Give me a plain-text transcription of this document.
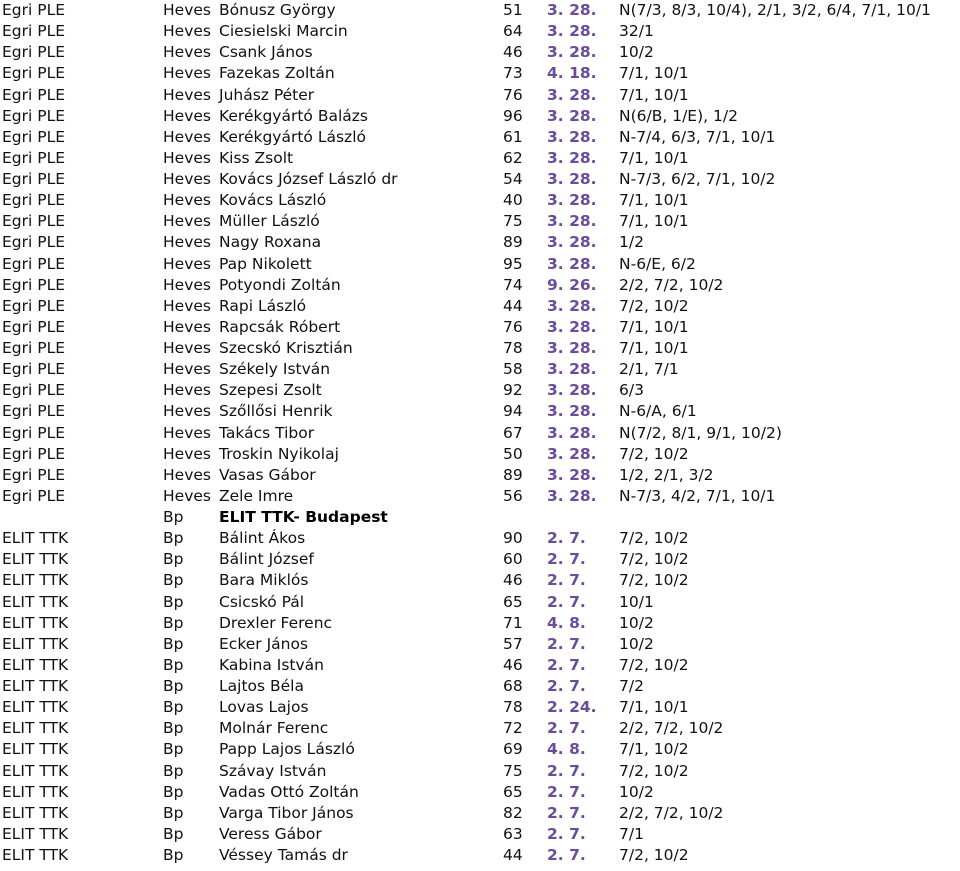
Egri PLE	Heves Bónusz György	51 3. 28. N(7/3, 8/3, 10/4), 2/1, 3/2, 6/4, 7/1, 10/1
Egri PLE	Heves Ciesielski Marcin	64 3. 28. 32/1
Egri PLE	Heves Csank János	46 3. 28. 10/2
Egri PLE	Heves Fazekas Zoltán	73 4. 18. 7/1, 10/1
Egri PLE	Heves Juhász Péter	76 3. 28. 7/1, 10/1
Egri PLE	Heves Kerékgyártó Balázs	96 3. 28. N(6/B, 1/E), 1/2
Egri PLE	Heves Kerékgyártó László	61 3. 28. N-7/4, 6/3, 7/1, 10/1
Egri PLE	Heves Kiss Zsolt	62 3. 28. 7/1, 10/1
Egri PLE	Heves Kovács József László dr	54 3. 28. N-7/3, 6/2, 7/1, 10/2
Egri PLE	Heves Kovács László	40 3. 28. 7/1, 10/1
Egri PLE	Heves Müller László	75 3. 28. 7/1, 10/1
Egri PLE	Heves Nagy Roxana	89 3. 28. 1/2
Egri PLE	Heves Pap Nikolett	95 3. 28. N-6/E, 6/2
Egri PLE	Heves Potyondi Zoltán	74 9. 26. 2/2, 7/2, 10/2
Egri PLE	Heves Rapi László	44 3. 28. 7/2, 10/2
Egri PLE	Heves Rapcsák Róbert	76 3. 28. 7/1, 10/1
Egri PLE	Heves Szecskó Krisztián	78 3. 28. 7/1, 10/1
Egri PLE	Heves Székely István	58 3. 28. 2/1, 7/1
Egri PLE	Heves Szepesi Zsolt	92 3. 28. 6/3
Egri PLE	Heves Szőllősi Henrik	94 3. 28. N-6/A, 6/1
Egri PLE	Heves Takács Tibor	67 3. 28. N(7/2, 8/1, 9/1, 10/2)
Egri PLE	Heves Troskin Nyikolaj	50 3. 28. 7/2, 10/2
Egri PLE	Heves Vasas Gábor	89 3. 28. 1/2, 2/1, 3/2
Egri PLE	Heves Zele Imre	56 3. 28. N-7/3, 4/2, 7/1, 10/1
Bp ELIT TTK- Budapest
ELIT TTK	Bp Bálint Ákos	90 2. 7. 7/2, 10/2
ELIT TTK	Bp Bálint József	60 2. 7. 7/2, 10/2
ELIT TTK	Bp Bara Miklós	46 2. 7. 7/2, 10/2
ELIT TTK	Bp Csicskó Pál	65 2. 7. 10/1
ELIT TTK	Bp Drexler Ferenc	71 4. 8. 10/2
ELIT TTK	Bp Ecker János	57 2. 7. 10/2
ELIT TTK	Bp Kabina István	46 2. 7. 7/2, 10/2
ELIT TTK	Bp Lajtos Béla	68 2. 7. 7/2
ELIT TTK	Bp Lovas Lajos	78 2. 24. 7/1, 10/1
ELIT TTK	Bp Molnár Ferenc	72 2. 7. 2/2, 7/2, 10/2
ELIT TTK	Bp Papp Lajos László	69 4. 8. 7/1, 10/2
ELIT TTK	Bp Szávay István	75 2. 7. 7/2, 10/2
ELIT TTK	Bp Vadas Ottó Zoltán	65 2. 7. 10/2
ELIT TTK	Bp Varga Tibor János	82 2. 7. 2/2, 7/2, 10/2
ELIT TTK	Bp Veress Gábor	63 2. 7. 7/1
ELIT TTK	Bp Véssey Tamás dr	44 2. 7. 7/2, 10/2
